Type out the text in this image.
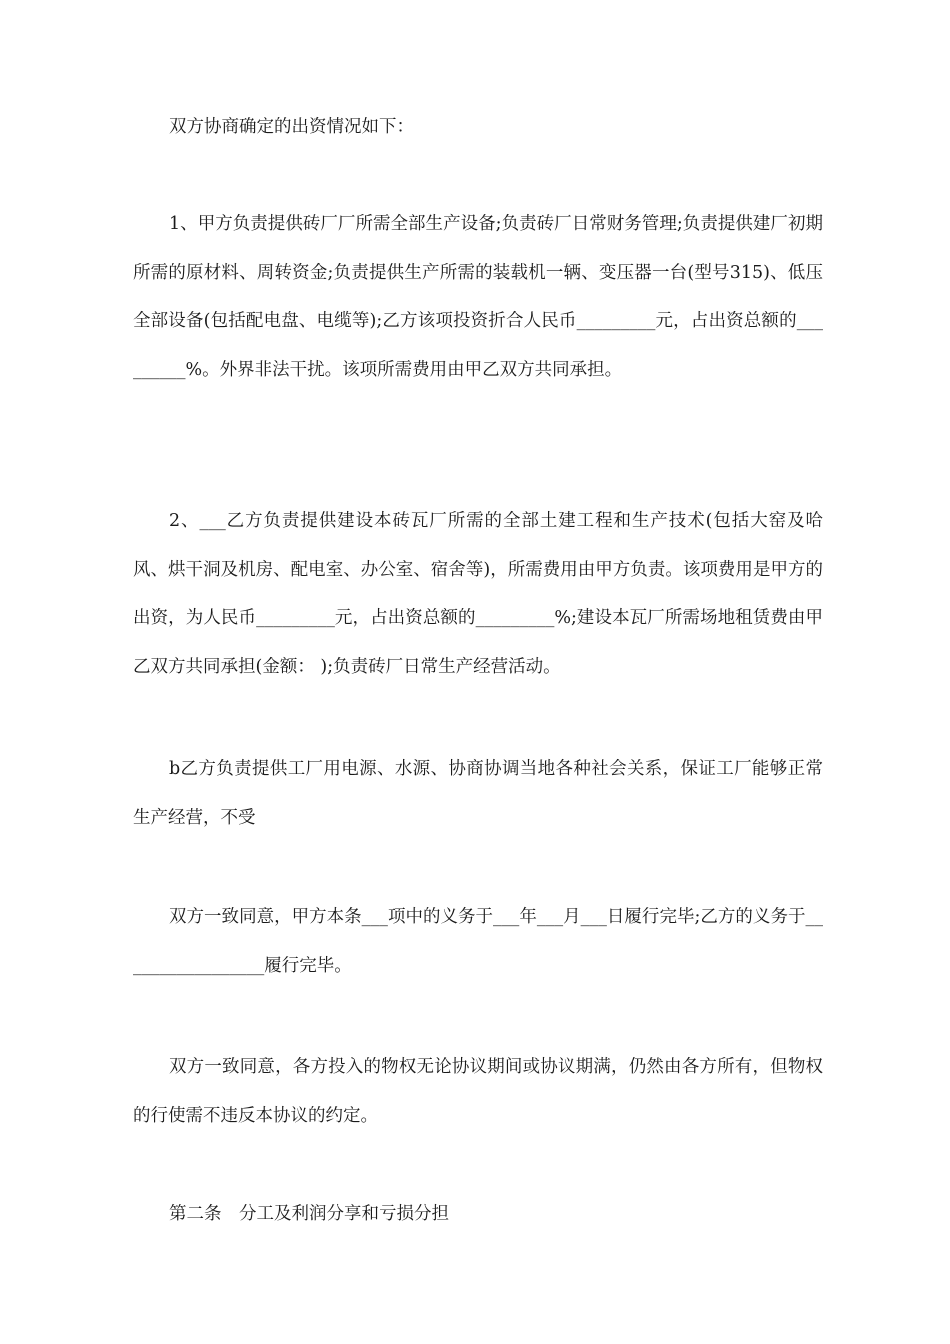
双方协商确定的出资情况如下：

1、甲方负责提供砖厂厂所需全部生产设备;负责砖厂日常财务管理;负责提供建厂初期所需的原材料、周转资金;负责提供生产所需的装载机一辆、变压器一台(型号315)、低压全部设备(包括配电盘、电缆等);乙方该项投资折合人民币_________元，占出资总额的_________%。外界非法干扰。该项所需费用由甲乙双方共同承担。

2、___乙方负责提供建设本砖瓦厂所需的全部土建工程和生产技术(包括大窑及哈风、烘干洞及机房、配电室、办公室、宿舍等)，所需费用由甲方负责。该项费用是甲方的出资，为人民币_________元，占出资总额的_________%;建设本瓦厂所需场地租赁费由甲乙双方共同承担(金额： );负责砖厂日常生产经营活动。

b乙方负责提供工厂用电源、水源、协商协调当地各种社会关系，保证工厂能够正常生产经营，不受

双方一致同意，甲方本条___项中的义务于___年___月___日履行完毕;乙方的义务于_________________履行完毕。

双方一致同意，各方投入的物权无论协议期间或协议期满，仍然由各方所有，但物权的行使需不违反本协议的约定。

第二条　分工及利润分享和亏损分担
